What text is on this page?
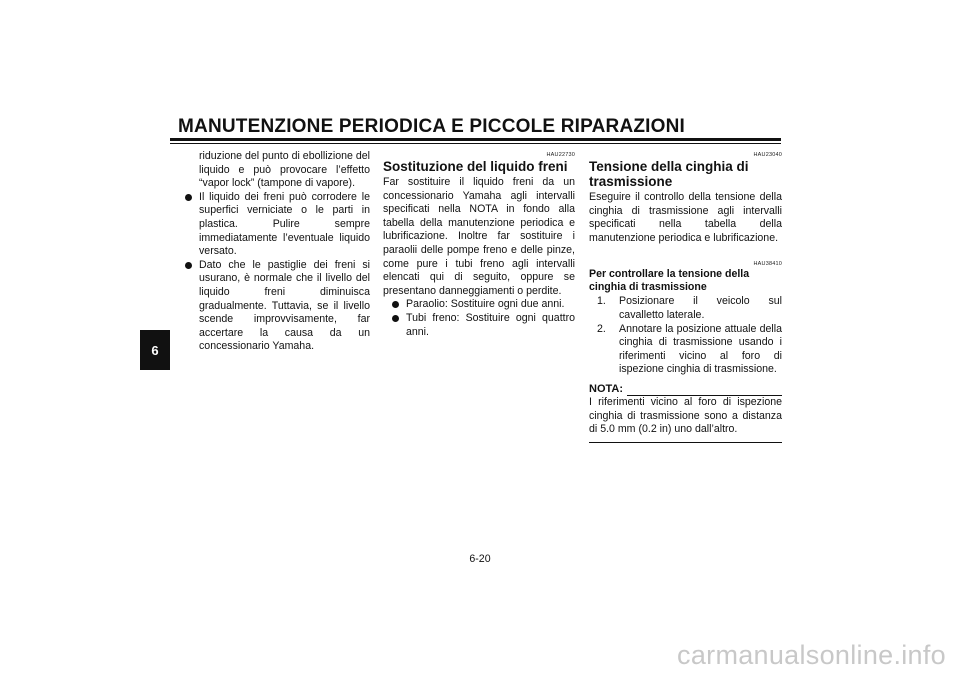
MANUTENZIONE PERIODICA E PICCOLE RIPARAZIONI
6

riduzione del punto di ebollizione del liquido e può provocare l’effetto “vapor lock” (tampone di vapore).

Il liquido dei freni può corrodere le superfici verniciate o le parti in plastica. Pulire sempre immediatamente l’eventuale liquido versato.

Dato che le pastiglie dei freni si usurano, è normale che il livello del liquido freni diminuisca gradualmente. Tuttavia, se il livello scende improvvisamente, far accertare la causa da un concessionario Yamaha.

HAU22730
Sostituzione del liquido freni

Far sostituire il liquido freni da un concessionario Yamaha agli intervalli specificati nella NOTA in fondo alla tabella della manutenzione periodica e lubrificazione. Inoltre far sostituire i paraolii delle pompe freno e delle pinze, come pure i tubi freno agli intervalli elencati qui di seguito, oppure se presentano danneggiamenti o perdite.

Paraolio: Sostituire ogni due anni.

Tubi freno: Sostituire ogni quattro anni.

HAU23040
Tensione della cinghia di trasmissione

Eseguire il controllo della tensione della cinghia di trasmissione agli intervalli specificati nella tabella della manutenzione periodica e lubrificazione.

HAU38410
Per controllare la tensione della cinghia di trasmissione
1. Posizionare il veicolo sul cavalletto laterale.

2. Annotare la posizione attuale della cinghia di trasmissione usando i riferimenti vicino al foro di ispezione cinghia di trasmissione.

NOTA:

I riferimenti vicino al foro di ispezione cinghia di trasmissione sono a distanza di 5.0 mm (0.2 in) uno dall’altro.

6-20
carmanualsonline.info
